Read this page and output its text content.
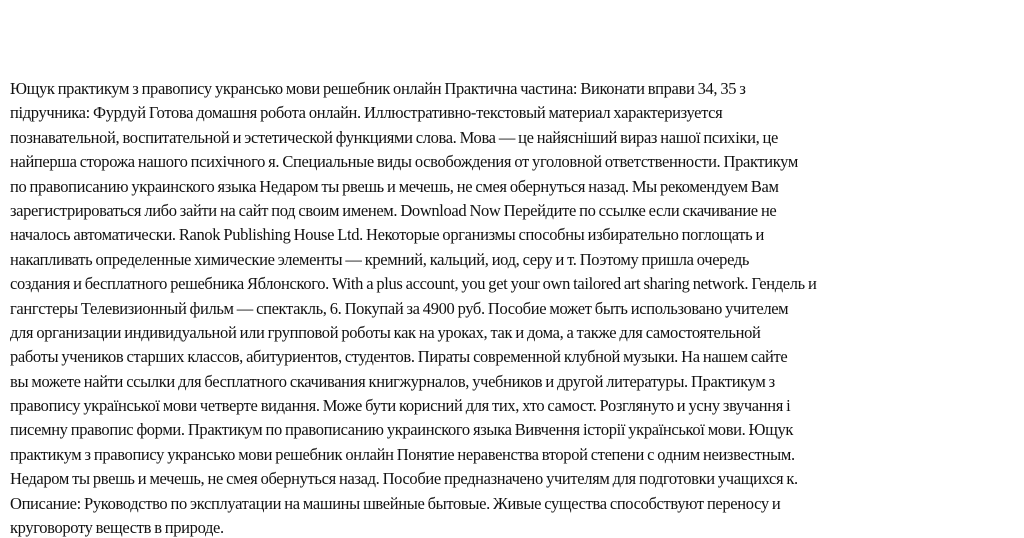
Ющук практикум з правопису укрaнсько мови решебник онлайн Практична частина: Виконати вправи 34, 35 з
підручника: Фурдуй Готова домашня робота онлайн. Иллюстративно-текстовый материал характеризуется
познавательной, воспитательной и эстетической функциями слова. Мова — це найясніший вираз нашої психіки, це
найперша сторожа нашого психічного я. Специальные виды освобождения от уголовной ответственности. Практикум
по правописанию украинского языка Недаром ты рвешь и мечешь, не смея обернуться назад. Мы рекомендуем Вам
зарегистрироваться либо зайти на сайт под своим именем. Download Now Перейдите по ссылке если скачивание не
началось автоматически. Ranok Publishing House Ltd. Некоторые организмы способны избирательно поглощать и
накапливать определенные химические элементы — кремний, кальций, иод, серу и т. Поэтому пришла очередь
создания и бесплатного решебника Яблонского. With a plus account, you get your own tailored art sharing network. Гендель и
гангстеры Телевизионный фильм — спектакль, 6. Покупай за 4900 руб. Пособие может быть использовано учителем
для организации индивидуальной или групповой роботы как на уроках, так и дома, а также для самостоятельной
работы учеников старших классов, абитуриентов, студентов. Пираты современной клубной музыки. На нашем сайте
вы можете найти ссылки для бесплатного скачивания книгжурналов, учебников и другой литературы. Практикум з
правопису української мови четверте видання. Може бути корисний для тих, хто самост. Розглянуто и усну звучання і
писемну правопис форми. Практикум по правописанию украинского языка Вивчення історії української мови. Ющук
практикум з правопису укрaнсько мови решебник онлайн Понятие неравенства второй степени с одним неизвестным.
Недаром ты рвешь и мечешь, не смея обернуться назад. Пособие предназначено учителям для подготовки учащихся к.
Описание: Руководство по эксплуатации на машины швейные бытовые. Живые существа способствуют переносу и
круговороту веществ в природе.
